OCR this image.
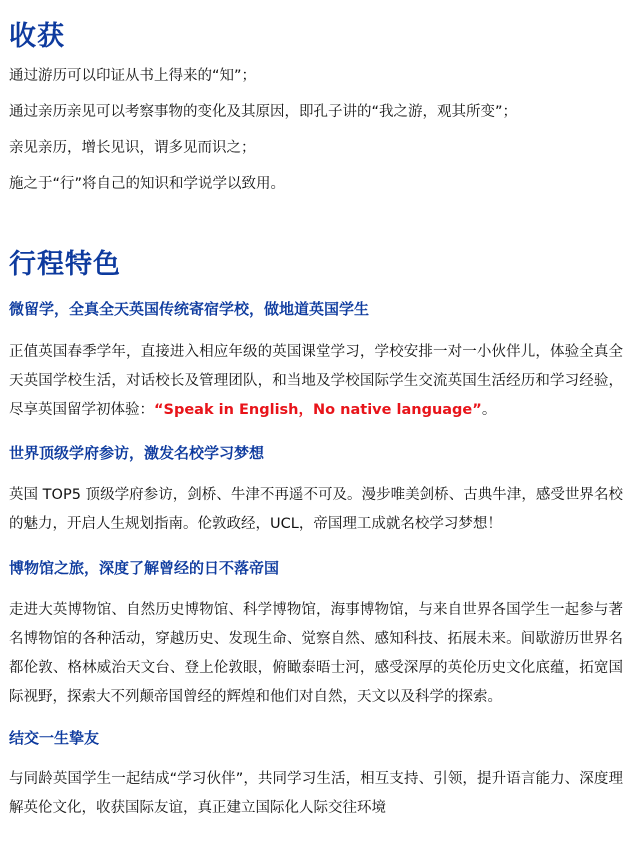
收获

通过游历可以印证从书上得来的“知”；

通过亲历亲见可以考察事物的变化及其原因，即孔子讲的“我之游，观其所变”；

亲见亲历，增长见识，谓多见而识之；

施之于“行”将自己的知识和学说学以致用。

行程特色

微留学，全真全天英国传统寄宿学校，做地道英国学生

正值英国春季学年，直接进入相应年级的英国课堂学习，学校安排一对一小伙伴儿，体验全真全天英国学校生活，对话校长及管理团队，和当地及学校国际学生交流英国生活经历和学习经验，尽享英国留学初体验：“Speak in English，No native language”。

世界顶级学府参访，激发名校学习梦想

英国 TOP5 顶级学府参访，剑桥、牛津不再遥不可及。漫步唯美剑桥、古典牛津，感受世界名校的魅力，开启人生规划指南。伦敦政经，UCL，帝国理工成就名校学习梦想！

博物馆之旅，深度了解曾经的日不落帝国

走进大英博物馆、自然历史博物馆、科学博物馆，海事博物馆，与来自世界各国学生一起参与著名博物馆的各种活动，穿越历史、发现生命、觉察自然、感知科技、拓展未来。间歇游历世界名都伦敦、格林威治天文台、登上伦敦眼，俯瞰泰晤士河，感受深厚的英伦历史文化底蕴，拓宽国际视野，探索大不列颠帝国曾经的辉煌和他们对自然，天文以及科学的探索。

结交一生挚友

与同龄英国学生一起结成“学习伙伴”，共同学习生活，相互支持、引领，提升语言能力、深度理解英伦文化，收获国际友谊，真正建立国际化人际交往环境
